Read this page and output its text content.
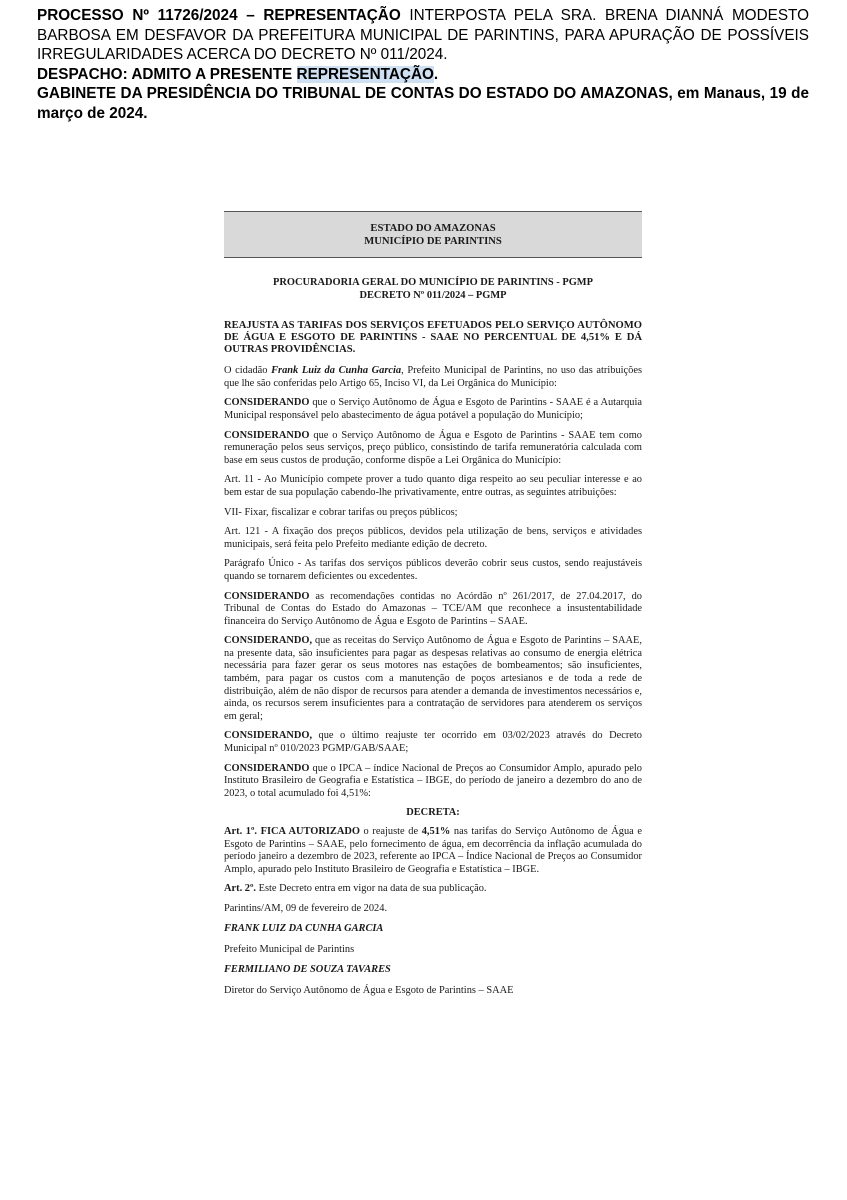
PROCESSO Nº 11726/2024 – REPRESENTAÇÃO INTERPOSTA PELA SRA. BRENA DIANNÁ MODESTO BARBOSA EM DESFAVOR DA PREFEITURA MUNICIPAL DE PARINTINS, PARA APURAÇÃO DE POSSÍVEIS IRREGULARIDADES ACERCA DO DECRETO Nº 011/2024.

DESPACHO: ADMITO A PRESENTE REPRESENTAÇÃO.

GABINETE DA PRESIDÊNCIA DO TRIBUNAL DE CONTAS DO ESTADO DO AMAZONAS, em Manaus, 19 de março de 2024.

ESTADO DO AMAZONAS
MUNICÍPIO DE PARINTINS
PROCURADORIA GERAL DO MUNICÍPIO DE PARINTINS - PGMP
DECRETO Nº 011/2024 – PGMP
REAJUSTA AS TARIFAS DOS SERVIÇOS EFETUADOS PELO SERVIÇO AUTÔNOMO DE ÁGUA E ESGOTO DE PARINTINS - SAAE NO PERCENTUAL DE 4,51% E DÁ OUTRAS PROVIDÊNCIAS.

O cidadão Frank Luiz da Cunha Garcia, Prefeito Municipal de Parintins, no uso das atribuições que lhe são conferidas pelo Artigo 65, Inciso VI, da Lei Orgânica do Município:

CONSIDERANDO que o Serviço Autônomo de Água e Esgoto de Parintins - SAAE é a Autarquia Municipal responsável pelo abastecimento de água potável a população do Município;

CONSIDERANDO que o Serviço Autônomo de Água e Esgoto de Parintins - SAAE tem como remuneração pelos seus serviços, preço público, consistindo de tarifa remuneratória calculada com base em seus custos de produção, conforme dispõe a Lei Orgânica do Município:

Art. 11 - Ao Município compete prover a tudo quanto diga respeito ao seu peculiar interesse e ao bem estar de sua população cabendo-lhe privativamente, entre outras, as seguintes atribuições:

VII- Fixar, fiscalizar e cobrar tarifas ou preços públicos;

Art. 121 - A fixação dos preços públicos, devidos pela utilização de bens, serviços e atividades municipais, será feita pelo Prefeito mediante edição de decreto.

Parágrafo Único - As tarifas dos serviços públicos deverão cobrir seus custos, sendo reajustáveis quando se tornarem deficientes ou excedentes.

CONSIDERANDO as recomendações contidas no Acórdão nº 261/2017, de 27.04.2017, do Tribunal de Contas do Estado do Amazonas – TCE/AM que reconhece a insustentabilidade financeira do Serviço Autônomo de Água e Esgoto de Parintins – SAAE.

CONSIDERANDO, que as receitas do Serviço Autônomo de Água e Esgoto de Parintins – SAAE, na presente data, são insuficientes para pagar as despesas relativas ao consumo de energia elétrica necessária para fazer gerar os seus motores nas estações de bombeamentos; são insuficientes, também, para pagar os custos com a manutenção de poços artesianos e de toda a rede de distribuição, além de não dispor de recursos para atender a demanda de investimentos necessários e, ainda, os recursos serem insuficientes para a contratação de servidores para atenderem os serviços em geral;

CONSIDERANDO, que o último reajuste ter ocorrido em 03/02/2023 através do Decreto Municipal nº 010/2023 PGMP/GAB/SAAE;

CONSIDERANDO que o IPCA – índice Nacional de Preços ao Consumidor Amplo, apurado pelo Instituto Brasileiro de Geografia e Estatística – IBGE, do período de janeiro a dezembro do ano de 2023, o total acumulado foi 4,51%:

DECRETA:

Art. 1º. FICA AUTORIZADO o reajuste de 4,51% nas tarifas do Serviço Autônomo de Água e Esgoto de Parintins – SAAE, pelo fornecimento de água, em decorrência da inflação acumulada do período janeiro a dezembro de 2023, referente ao IPCA – Índice Nacional de Preços ao Consumidor Amplo, apurado pelo Instituto Brasileiro de Geografia e Estatística – IBGE.

Art. 2º. Este Decreto entra em vigor na data de sua publicação.

Parintins/AM, 09 de fevereiro de 2024.

FRANK LUIZ DA CUNHA GARCIA

Prefeito Municipal de Parintins

FERMILIANO DE SOUZA TAVARES

Diretor do Serviço Autônomo de Água e Esgoto de Parintins – SAAE
